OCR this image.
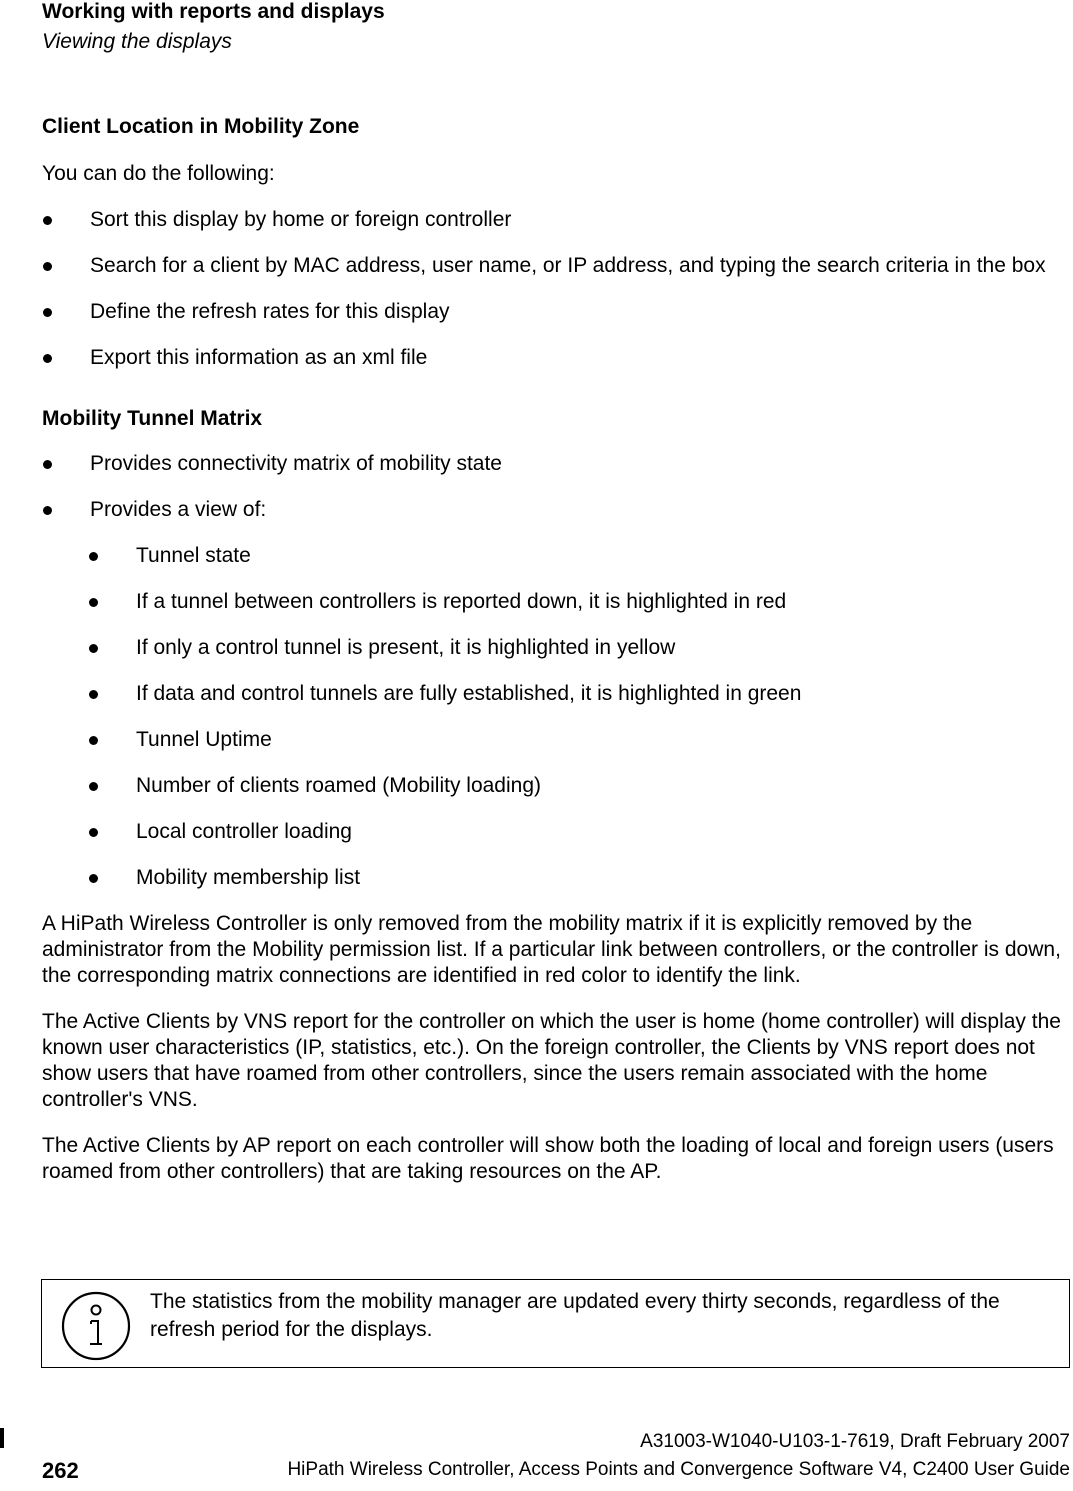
Working with reports and displays
Viewing the displays

Client Location in Mobility Zone

You can do the following:

Sort this display by home or foreign controller
Search for a client by MAC address, user name, or IP address, and typing the search criteria in the box
Define the refresh rates for this display
Export this information as an xml file

Mobility Tunnel Matrix

Provides connectivity matrix of mobility state
Provides a view of:
Tunnel state
If a tunnel between controllers is reported down, it is highlighted in red
If only a control tunnel is present, it is highlighted in yellow
If data and control tunnels are fully established, it is highlighted in green
Tunnel Uptime
Number of clients roamed (Mobility loading)
Local controller loading
Mobility membership list

A HiPath Wireless Controller is only removed from the mobility matrix if it is explicitly removed by the administrator from the Mobility permission list. If a particular link between controllers, or the controller is down, the corresponding matrix connections are identified in red color to identify the link.

The Active Clients by VNS report for the controller on which the user is home (home controller) will display the known user characteristics (IP, statistics, etc.). On the foreign controller, the Clients by VNS report does not show users that have roamed from other controllers, since the users remain associated with the home controller's VNS.

The Active Clients by AP report on each controller will show both the loading of local and foreign users (users roamed from other controllers) that are taking resources on the AP.

The statistics from the mobility manager are updated every thirty seconds, regardless of the refresh period for the displays.
A31003-W1040-U103-1-7619, Draft February 2007
262	HiPath Wireless Controller, Access Points and Convergence Software V4, C2400 User Guide
